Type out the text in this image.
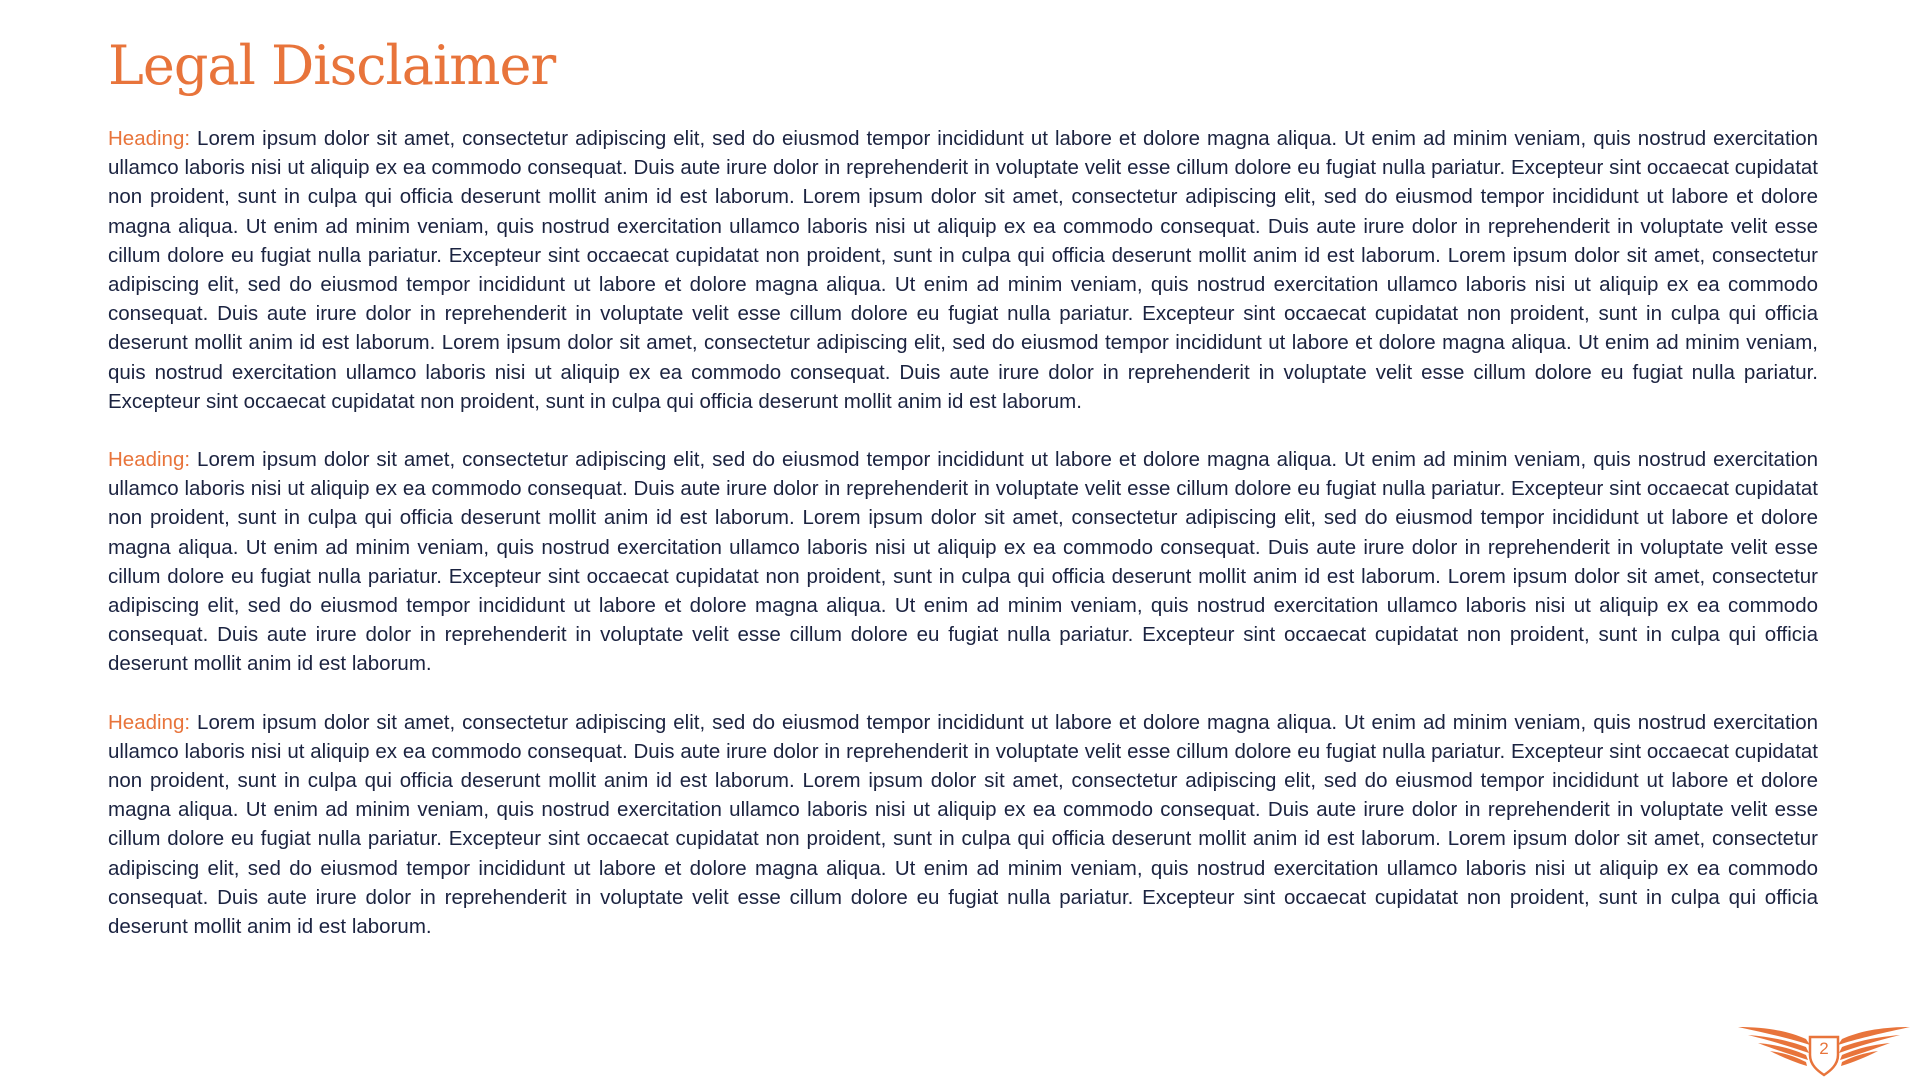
Legal Disclaimer

Heading: Lorem ipsum dolor sit amet, consectetur adipiscing elit, sed do eiusmod tempor incididunt ut labore et dolore magna aliqua. Ut enim ad minim veniam, quis nostrud exercitation ullamco laboris nisi ut aliquip ex ea commodo consequat. Duis aute irure dolor in reprehenderit in voluptate velit esse cillum dolore eu fugiat nulla pariatur. Excepteur sint occaecat cupidatat non proident, sunt in culpa qui officia deserunt mollit anim id est laborum. Lorem ipsum dolor sit amet, consectetur adipiscing elit, sed do eiusmod tempor incididunt ut labore et dolore magna aliqua. Ut enim ad minim veniam, quis nostrud exercitation ullamco laboris nisi ut aliquip ex ea commodo consequat. Duis aute irure dolor in reprehenderit in voluptate velit esse cillum dolore eu fugiat nulla pariatur. Excepteur sint occaecat cupidatat non proident, sunt in culpa qui officia deserunt mollit anim id est laborum. Lorem ipsum dolor sit amet, consectetur adipiscing elit, sed do eiusmod tempor incididunt ut labore et dolore magna aliqua. Ut enim ad minim veniam, quis nostrud exercitation ullamco laboris nisi ut aliquip ex ea commodo consequat. Duis aute irure dolor in reprehenderit in voluptate velit esse cillum dolore eu fugiat nulla pariatur. Excepteur sint occaecat cupidatat non proident, sunt in culpa qui officia deserunt mollit anim id est laborum. Lorem ipsum dolor sit amet, consectetur adipiscing elit, sed do eiusmod tempor incididunt ut labore et dolore magna aliqua. Ut enim ad minim veniam, quis nostrud exercitation ullamco laboris nisi ut aliquip ex ea commodo consequat. Duis aute irure dolor in reprehenderit in voluptate velit esse cillum dolore eu fugiat nulla pariatur. Excepteur sint occaecat cupidatat non proident, sunt in culpa qui officia deserunt mollit anim id est laborum.

Heading: Lorem ipsum dolor sit amet, consectetur adipiscing elit, sed do eiusmod tempor incididunt ut labore et dolore magna aliqua. Ut enim ad minim veniam, quis nostrud exercitation ullamco laboris nisi ut aliquip ex ea commodo consequat. Duis aute irure dolor in reprehenderit in voluptate velit esse cillum dolore eu fugiat nulla pariatur. Excepteur sint occaecat cupidatat non proident, sunt in culpa qui officia deserunt mollit anim id est laborum. Lorem ipsum dolor sit amet, consectetur adipiscing elit, sed do eiusmod tempor incididunt ut labore et dolore magna aliqua. Ut enim ad minim veniam, quis nostrud exercitation ullamco laboris nisi ut aliquip ex ea commodo consequat. Duis aute irure dolor in reprehenderit in voluptate velit esse cillum dolore eu fugiat nulla pariatur. Excepteur sint occaecat cupidatat non proident, sunt in culpa qui officia deserunt mollit anim id est laborum. Lorem ipsum dolor sit amet, consectetur adipiscing elit, sed do eiusmod tempor incididunt ut labore et dolore magna aliqua. Ut enim ad minim veniam, quis nostrud exercitation ullamco laboris nisi ut aliquip ex ea commodo consequat. Duis aute irure dolor in reprehenderit in voluptate velit esse cillum dolore eu fugiat nulla pariatur. Excepteur sint occaecat cupidatat non proident, sunt in culpa qui officia deserunt mollit anim id est laborum.

Heading: Lorem ipsum dolor sit amet, consectetur adipiscing elit, sed do eiusmod tempor incididunt ut labore et dolore magna aliqua. Ut enim ad minim veniam, quis nostrud exercitation ullamco laboris nisi ut aliquip ex ea commodo consequat. Duis aute irure dolor in reprehenderit in voluptate velit esse cillum dolore eu fugiat nulla pariatur. Excepteur sint occaecat cupidatat non proident, sunt in culpa qui officia deserunt mollit anim id est laborum. Lorem ipsum dolor sit amet, consectetur adipiscing elit, sed do eiusmod tempor incididunt ut labore et dolore magna aliqua. Ut enim ad minim veniam, quis nostrud exercitation ullamco laboris nisi ut aliquip ex ea commodo consequat. Duis aute irure dolor in reprehenderit in voluptate velit esse cillum dolore eu fugiat nulla pariatur. Excepteur sint occaecat cupidatat non proident, sunt in culpa qui officia deserunt mollit anim id est laborum. Lorem ipsum dolor sit amet, consectetur adipiscing elit, sed do eiusmod tempor incididunt ut labore et dolore magna aliqua. Ut enim ad minim veniam, quis nostrud exercitation ullamco laboris nisi ut aliquip ex ea commodo consequat. Duis aute irure dolor in reprehenderit in voluptate velit esse cillum dolore eu fugiat nulla pariatur. Excepteur sint occaecat cupidatat non proident, sunt in culpa qui officia deserunt mollit anim id est laborum.

2
